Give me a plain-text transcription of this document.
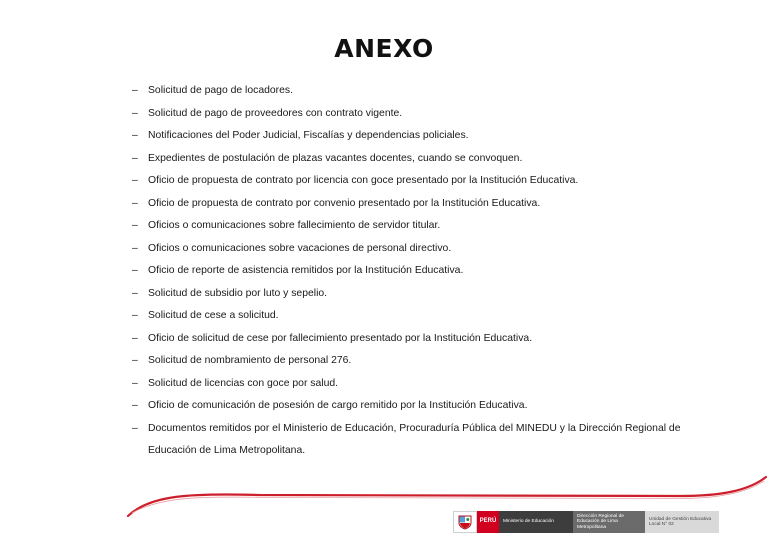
ANEXO
– Solicitud de pago de locadores.
– Solicitud de pago de proveedores con contrato vigente.
– Notificaciones del Poder Judicial, Fiscalías y dependencias policiales.
– Expedientes de postulación de plazas vacantes docentes, cuando se convoquen.
– Oficio de propuesta de contrato por licencia con goce presentado por la Institución Educativa.
– Oficio de propuesta de contrato por convenio presentado por la Institución Educativa.
– Oficios o comunicaciones sobre fallecimiento de servidor titular.
– Oficios o comunicaciones sobre vacaciones de personal directivo.
– Oficio de reporte de asistencia remitidos por la Institución Educativa.
– Solicitud de subsidio por luto y sepelio.
– Solicitud de cese a solicitud.
– Oficio de solicitud de cese por fallecimiento presentado por la Institución Educativa.
– Solicitud de nombramiento de personal 276.
– Solicitud de licencias con goce por salud.
– Oficio de comunicación de posesión de cargo remitido por la Institución Educativa.
– Documentos remitidos por el Ministerio de Educación, Procuraduría Pública del MINEDU y la Dirección Regional de Educación de Lima Metropolitana.
PERÚ	Ministerio de Educación
Dirección Regional de Educación de Lima Metropolitana
Unidad de Gestión Educativa Local N° 02
